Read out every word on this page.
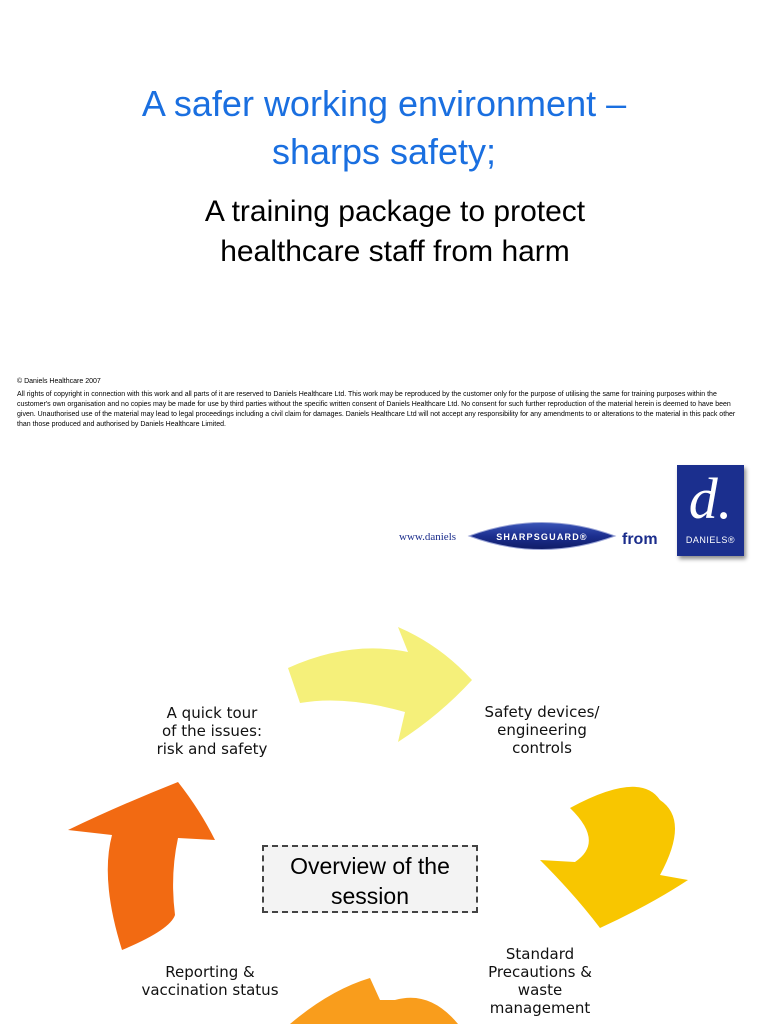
A safer working environment –
sharps safety;
A training package to protect
healthcare staff from harm

© Daniels Healthcare 2007

All rights of copyright in connection with this work and all parts of it are reserved to Daniels Healthcare Ltd. This work may be reproduced by the customer only for the purpose of utilising the same for training purposes within the customer's own organisation and no copies may be made for use by third parties without the specific written consent of Daniels Healthcare Ltd. No consent for such further reproduction of the material herein is deemed to have been given. Unauthorised use of the material may lead to legal proceedings including a civil claim for damages. Daniels Healthcare Ltd will not accept any responsibility for any amendments to or alterations to the material in this pack other than those produced and authorised by Daniels Healthcare Limited.

www.daniels	SHARPSGUARD® from
d.
DANIELS®
A quick tour
of the issues:
risk and safety
Safety devices/
engineering
controls
Standard
Precautions &
waste
management
Reporting &
vaccination status
Overview of the
session
